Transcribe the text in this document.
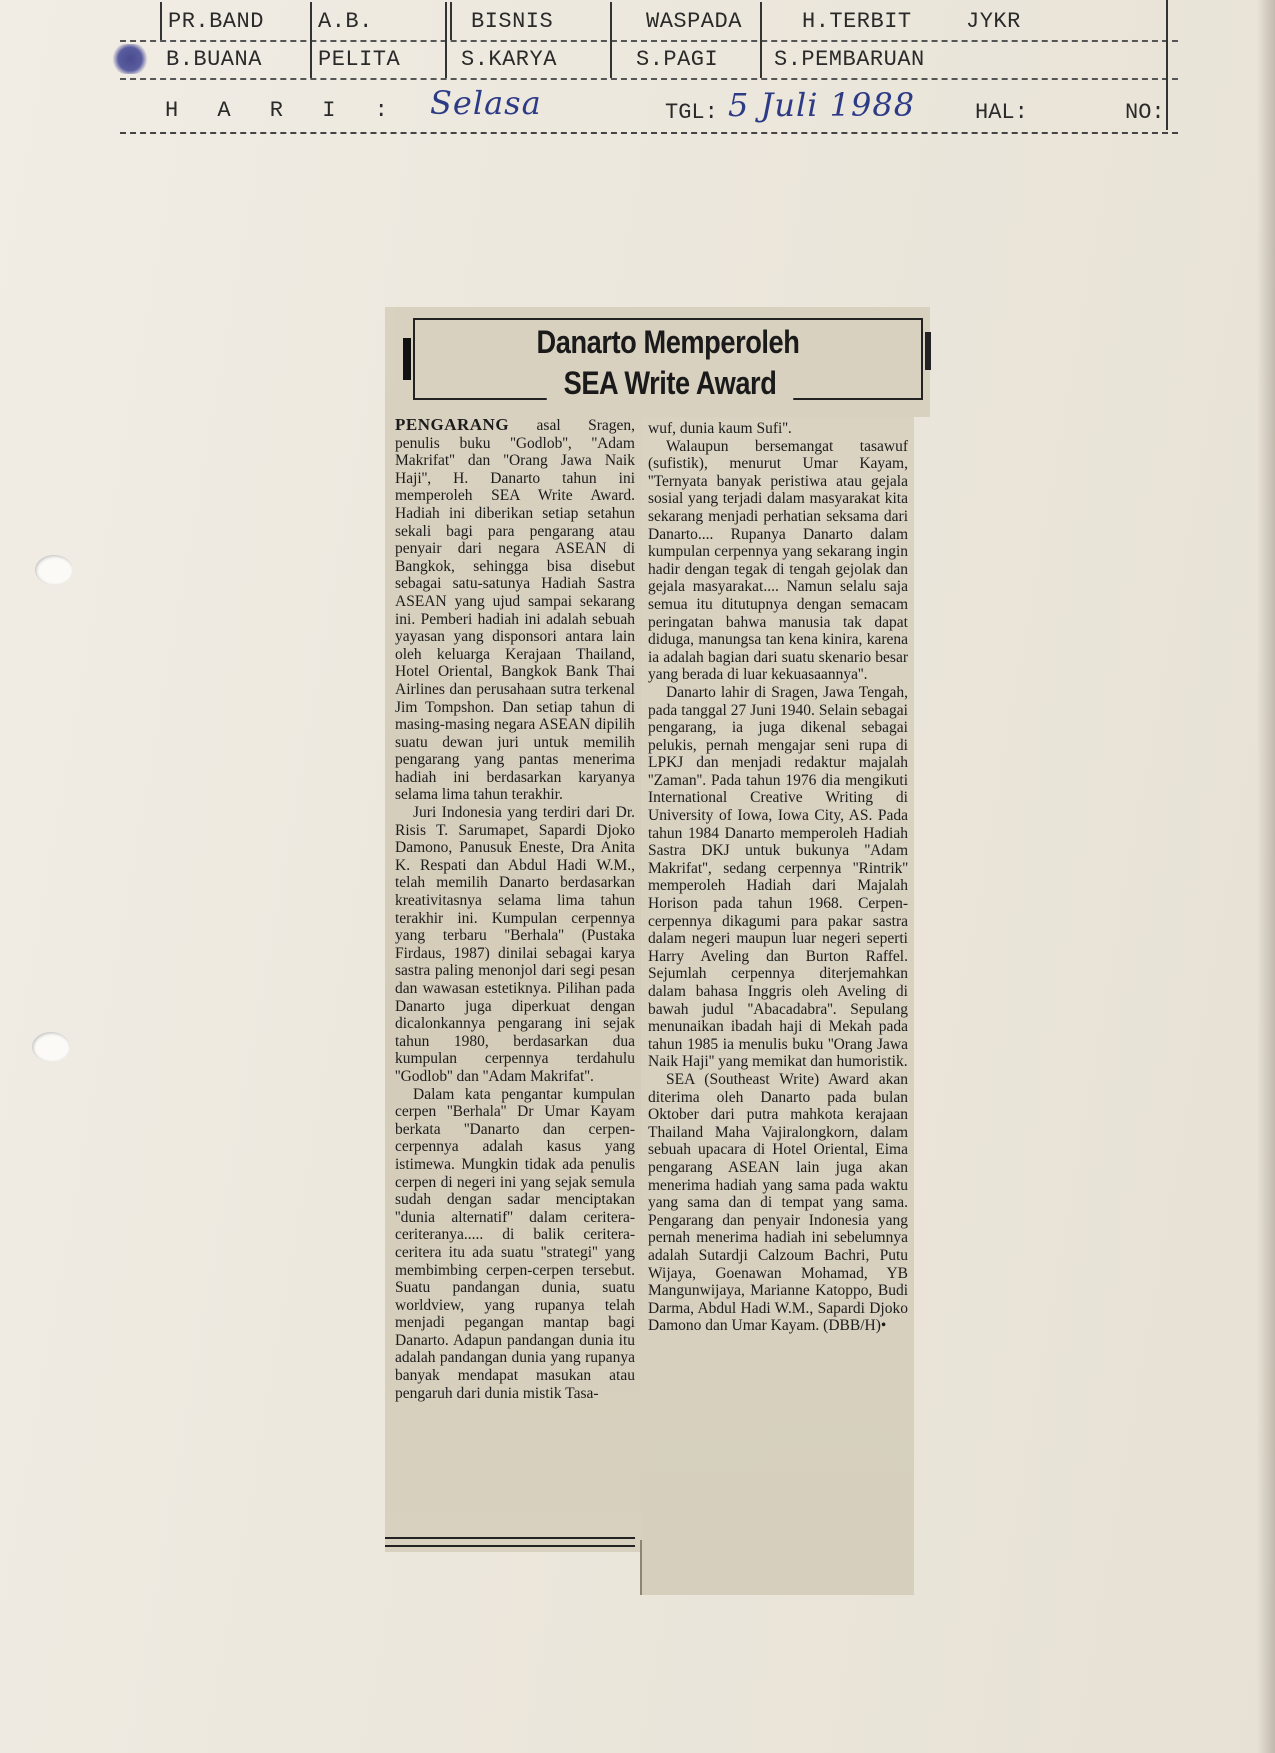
PR.BAND	A.B.	BISNIS	WASPADA	H.TERBIT	JYKR
B.BUANA	PELITA	S.KARYA	S.PAGI	S.PEMBARUAN
H A R I : Selasa	TGL: 5 Juli 1988	HAL:	NO:
Danarto Memperoleh
SEA Write Award

PENGARANG asal Sragen, penulis buku ''Godlob'', ''Adam Makrifat'' dan ''Orang Jawa Naik Haji'', H. Danarto tahun ini memperoleh SEA Write Award. Hadiah ini diberikan setiap setahun sekali bagi para pengarang atau penyair dari negara ASEAN di Bangkok, sehingga bisa disebut sebagai satu-satunya Hadiah Sastra ASEAN yang ujud sampai sekarang ini. Pemberi hadiah ini adalah sebuah yayasan yang disponsori antara lain oleh keluarga Kerajaan Thailand, Hotel Oriental, Bangkok Bank Thai Airlines dan perusahaan sutra terkenal Jim Tompshon. Dan setiap tahun di masing-masing negara ASEAN dipilih suatu dewan juri untuk memilih pengarang yang pantas menerima hadiah ini berdasarkan karyanya selama lima tahun terakhir.

Juri Indonesia yang terdiri dari Dr. Risis T. Sarumapet, Sapardi Djoko Damono, Panusuk Eneste, Dra Anita K. Respati dan Abdul Hadi W.M., telah memilih Danarto berdasarkan kreativitasnya selama lima tahun terakhir ini. Kumpulan cerpennya yang terbaru ''Berhala'' (Pustaka Firdaus, 1987) dinilai sebagai karya sastra paling menonjol dari segi pesan dan wawasan estetiknya. Pilihan pada Danarto juga diperkuat dengan dicalonkannya pengarang ini sejak tahun 1980, berdasarkan dua kumpulan cerpennya terdahulu ''Godlob'' dan ''Adam Makrifat''.

Dalam kata pengantar kumpulan cerpen ''Berhala'' Dr Umar Kayam berkata ''Danarto dan cerpen-cerpennya adalah kasus yang istimewa. Mungkin tidak ada penulis cerpen di negeri ini yang sejak semula sudah dengan sadar menciptakan ''dunia alternatif'' dalam ceritera-ceriteranya..... di balik ceritera-ceritera itu ada suatu ''strategi'' yang membimbing cerpen-cerpen tersebut. Suatu pandangan dunia, suatu worldview, yang rupanya telah menjadi pegangan mantap bagi Danarto. Adapun pandangan dunia itu adalah pandangan dunia yang rupanya banyak mendapat masukan atau pengaruh dari dunia mistik Tasa-

wuf, dunia kaum Sufi''.

Walaupun bersemangat tasawuf (sufistik), menurut Umar Kayam, ''Ternyata banyak peristiwa atau gejala sosial yang terjadi dalam masyarakat kita sekarang menjadi perhatian seksama dari Danarto.... Rupanya Danarto dalam kumpulan cerpennya yang sekarang ingin hadir dengan tegak di tengah gejolak dan gejala masyarakat.... Namun selalu saja semua itu ditutupnya dengan semacam peringatan bahwa manusia tak dapat diduga, manungsa tan kena kinira, karena ia adalah bagian dari suatu skenario besar yang berada di luar kekuasaannya''.

Danarto lahir di Sragen, Jawa Tengah, pada tanggal 27 Juni 1940. Selain sebagai pengarang, ia juga dikenal sebagai pelukis, pernah mengajar seni rupa di LPKJ dan menjadi redaktur majalah ''Zaman''. Pada tahun 1976 dia mengikuti International Creative Writing di University of Iowa, Iowa City, AS. Pada tahun 1984 Danarto memperoleh Hadiah Sastra DKJ untuk bukunya ''Adam Makrifat'', sedang cerpennya ''Rintrik'' memperoleh Hadiah dari Majalah Horison pada tahun 1968. Cerpen-cerpennya dikagumi para pakar sastra dalam negeri maupun luar negeri seperti Harry Aveling dan Burton Raffel. Sejumlah cerpennya diterjemahkan dalam bahasa Inggris oleh Aveling di bawah judul ''Abacadabra''. Sepulang menunaikan ibadah haji di Mekah pada tahun 1985 ia menulis buku ''Orang Jawa Naik Haji'' yang memikat dan humoristik.

SEA (Southeast Write) Award akan diterima oleh Danarto pada bulan Oktober dari putra mahkota kerajaan Thailand Maha Vajiralongkorn, dalam sebuah upacara di Hotel Oriental, Eima pengarang ASEAN lain juga akan menerima hadiah yang sama pada waktu yang sama dan di tempat yang sama. Pengarang dan penyair Indonesia yang pernah menerima hadiah ini sebelumnya adalah Sutardji Calzoum Bachri, Putu Wijaya, Goenawan Mohamad, YB Mangunwijaya, Marianne Katoppo, Budi Darma, Abdul Hadi W.M., Sapardi Djoko Damono dan Umar Kayam. (DBB/H)•
